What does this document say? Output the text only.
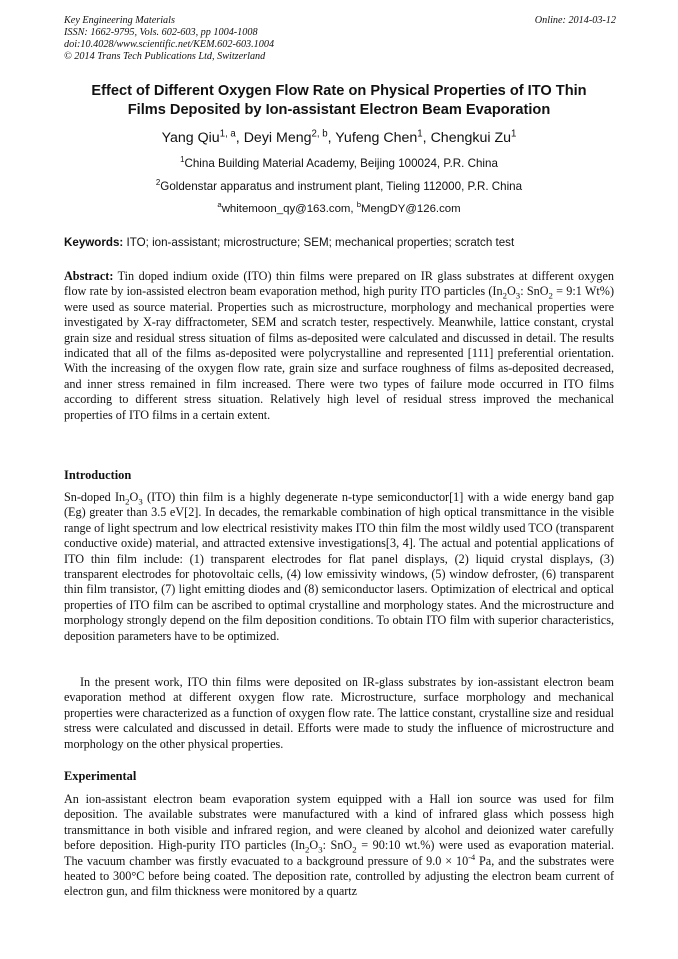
Key Engineering Materials
ISSN: 1662-9795, Vols. 602-603, pp 1004-1008
doi:10.4028/www.scientific.net/KEM.602-603.1004
© 2014 Trans Tech Publications Ltd, Switzerland
Online: 2014-03-12
Effect of Different Oxygen Flow Rate on Physical Properties of ITO Thin
Films Deposited by Ion-assistant Electron Beam Evaporation
Yang Qiu$^{1, a}$, Deyi Meng$^{2, b}$, Yufeng Chen$^1$, Chengkui Zu$^1$
$^1$China Building Material Academy, Beijing 100024, P.R. China
$^2$Goldenstar apparatus and instrument plant, Tieling 112000, P.R. China
$^a$whitemoon_qy@163.com, $^b$MengDY@126.com
Keywords: ITO; ion-assistant; microstructure; SEM; mechanical properties; scratch test
Abstract: Tin doped indium oxide (ITO) thin films were prepared on IR glass substrates at different oxygen flow rate by ion-assisted electron beam evaporation method, high purity ITO particles ($In_2O_3$: SnO$_2$ = 9:1 Wt%) were used as source material. Properties such as microstructure, morphology and mechanical properties were investigated by X-ray diffractometer, SEM and scratch tester, respectively. Meanwhile, lattice constant, crystal grain size and residual stress situation of films as-deposited were calculated and discussed in detail. The results indicated that all of the films as-deposited were polycrystalline and represented [111] preferential orientation. With the increasing of the oxygen flow rate, grain size and surface roughness of films as-deposited decreased, and inner stress remained in film increased. There were two types of failure mode occurred in ITO films according to different stress situation. Relatively high level of residual stress improved the mechanical properties of ITO films in a certain extent.
Introduction
Sn-doped $In_2O_3$ (ITO) thin film is a highly degenerate n-type semiconductor[1] with a wide energy band gap (Eg) greater than 3.5 eV[2]. In decades, the remarkable combination of high optical transmittance in the visible range of light spectrum and low electrical resistivity makes ITO thin film the most wildly used TCO (transparent conductive oxide) material, and attracted extensive investigations[3, 4]. The actual and potential applications of ITO thin film include: (1) transparent electrodes for flat panel displays, (2) liquid crystal displays, (3) transparent electrodes for photovoltaic cells, (4) low emissivity windows, (5) window defroster, (6) transparent thin film transistor, (7) light emitting diodes and (8) semiconductor lasers. Optimization of electrical and optical properties of ITO film can be ascribed to optimal crystalline and morphology states. And the microstructure and morphology strongly depend on the film deposition conditions. To obtain ITO film with superior characteristics, deposition parameters have to be optimized.
In the present work, ITO thin films were deposited on IR-glass substrates by ion-assistant electron beam evaporation method at different oxygen flow rate. Microstructure, surface morphology and mechanical properties were characterized as a function of oxygen flow rate. The lattice constant, crystalline size and residual stress were calculated and discussed in detail. Efforts were made to study the influence of microstructure and morphology on the other physical properties.
Experimental
An ion-assistant electron beam evaporation system equipped with a Hall ion source was used for film deposition. The available substrates were manufactured with a kind of infrared glass which possess high transmittance in both visible and infrared region, and were cleaned by alcohol and deionized water carefully before deposition. High-purity ITO particles ($In_2O_3$: SnO$_2$ = 90:10 wt.%) were used as evaporation material. The vacuum chamber was firstly evacuated to a background pressure of $9.0 \times 10^{-4}$ Pa, and the substrates were heated to 300°C before being coated. The deposition rate, controlled by adjusting the electron beam current of electron gun, and film thickness were monitored by a quartz
